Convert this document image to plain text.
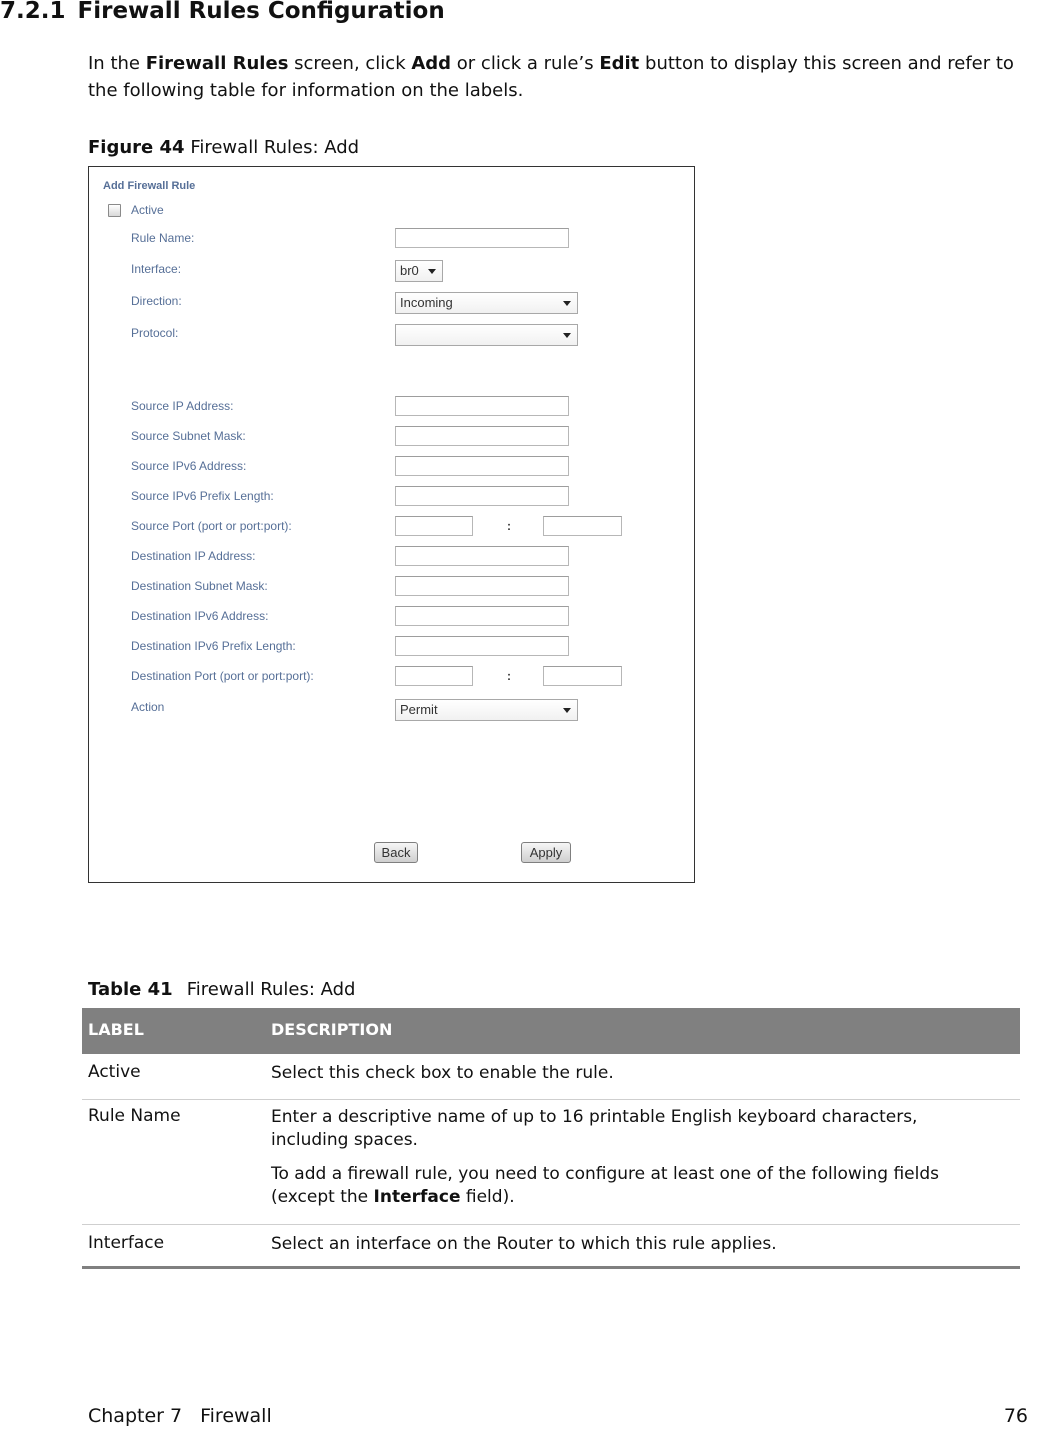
7.2.1 Firewall Rules Configuration
In the Firewall Rules screen, click Add or click a rule’s Edit button to display this screen and refer to the following table for information on the labels.
Figure 44 Firewall Rules: Add
Add Firewall Rule
Active
Rule Name:
Interface:	br0
Direction:	Incoming
Protocol:
Source IP Address:
Source Subnet Mask:
Source IPv6 Address:
Source IPv6 Prefix Length:
Source Port (port or port:port):	:
Destination IP Address:
Destination Subnet Mask:
Destination IPv6 Address:
Destination IPv6 Prefix Length:
Destination Port (port or port:port):	:
Action	Permit
Back	Apply
Table 41 Firewall Rules: Add
LABEL	DESCRIPTION
Active	Select this check box to enable the rule.
Rule Name	Enter a descriptive name of up to 16 printable English keyboard characters, including spaces.
To add a firewall rule, you need to configure at least one of the following fields (except the Interface field).
Interface	Select an interface on the Router to which this rule applies.
Chapter 7 Firewall	76
